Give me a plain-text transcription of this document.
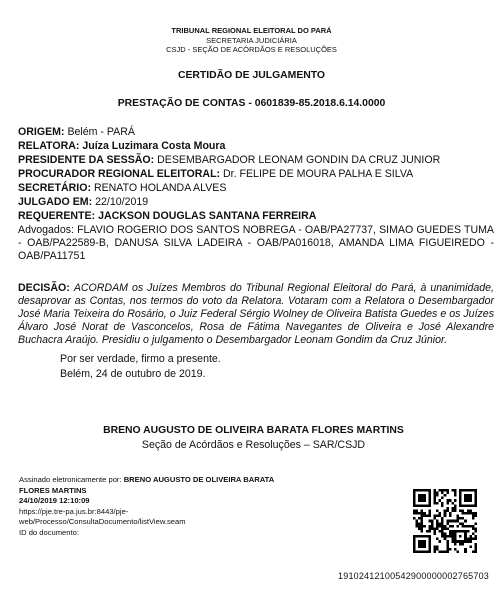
TRIBUNAL REGIONAL ELEITORAL DO PARÁ
SECRETARIA JUDICIÁRIA
CSJD - SEÇÃO DE ACÓRDÃOS E RESOLUÇÕES
CERTIDÃO DE JULGAMENTO
PRESTAÇÃO DE CONTAS - 0601839-85.2018.6.14.0000
ORIGEM: Belém - PARÁ
RELATORA: Juíza Luzimara Costa Moura
PRESIDENTE DA SESSÃO: DESEMBARGADOR LEONAM GONDIN DA CRUZ JUNIOR
PROCURADOR REGIONAL ELEITORAL: Dr. FELIPE DE MOURA PALHA E SILVA
SECRETÁRIO: RENATO HOLANDA ALVES
JULGADO EM: 22/10/2019
REQUERENTE: JACKSON DOUGLAS SANTANA FERREIRA
Advogados: FLAVIO ROGERIO DOS SANTOS NOBREGA - OAB/PA27737, SIMAO GUEDES TUMA - OAB/PA22589-B, DANUSA SILVA LADEIRA - OAB/PA016018, AMANDA LIMA FIGUEIREDO - OAB/PA11751
DECISÃO: ACORDAM os Juízes Membros do Tribunal Regional Eleitoral do Pará, à unanimidade, desaprovar as Contas, nos termos do voto da Relatora. Votaram com a Relatora o Desembargador José Maria Teixeira do Rosário, o Juiz Federal Sérgio Wolney de Oliveira Batista Guedes e os Juízes Álvaro José Norat de Vasconcelos, Rosa de Fátima Navegantes de Oliveira e José Alexandre Buchacra Araújo. Presidiu o julgamento o Desembargador Leonam Gondim da Cruz Júnior.
Por ser verdade, firmo a presente.
Belém, 24 de outubro de 2019.
BRENO AUGUSTO DE OLIVEIRA BARATA FLORES MARTINS
Seção de Acórdãos e Resoluções – SAR/CSJD
Assinado eletronicamente por: BRENO AUGUSTO DE OLIVEIRA BARATA
FLORES MARTINS
24/10/2019 12:10:09
https://pje.tre-pa.jus.br:8443/pje-
web/Processo/ConsultaDocumento/listView.seam
ID do documento:
19102412100542900000002765703
